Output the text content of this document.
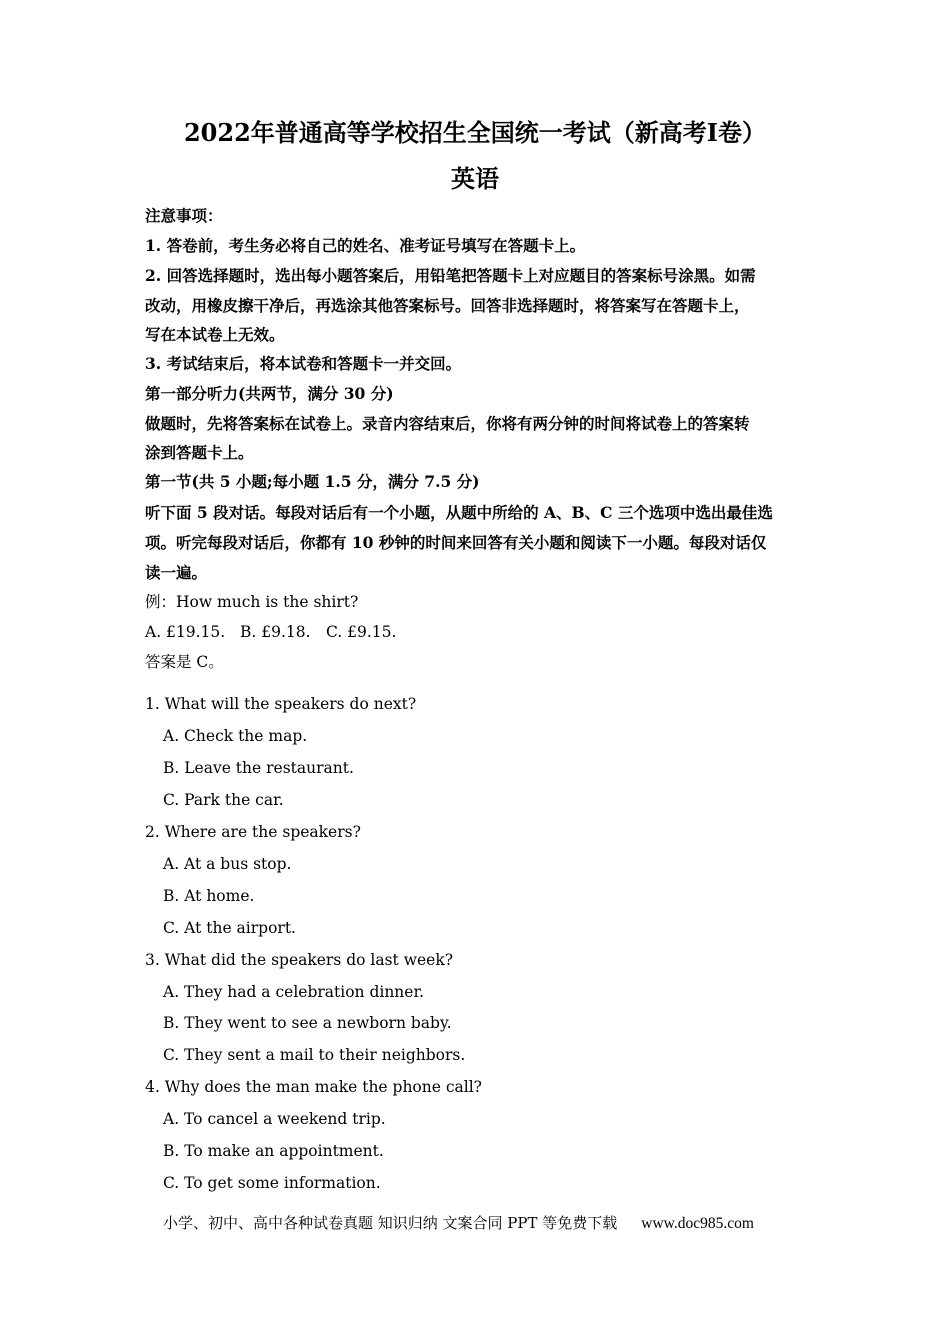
2022年普通高等学校招生全国统一考试（新高考Ⅰ卷）
英语
注意事项：
1. 答卷前，考生务必将自己的姓名、准考证号填写在答题卡上。
2. 回答选择题时，选出每小题答案后，用铅笔把答题卡上对应题目的答案标号涂黑。如需
改动，用橡皮擦干净后，再选涂其他答案标号。回答非选择题时，将答案写在答题卡上，
写在本试卷上无效。
3. 考试结束后，将本试卷和答题卡一并交回。
第一部分听力(共两节，满分 30 分)
做题时，先将答案标在试卷上。录音内容结束后，你将有两分钟的时间将试卷上的答案转
涂到答题卡上。
第一节(共 5 小题;每小题 1.5 分，满分 7.5 分)
听下面 5 段对话。每段对话后有一个小题，从题中所给的 A、B、C 三个选项中选出最佳选
项。听完每段对话后，你都有 10 秒钟的时间来回答有关小题和阅读下一小题。每段对话仅
读一遍。
例：How much is the shirt?
A. £19.15. B. £9.18. C. £9.15.
答案是 C。
1. What will the speakers do next?
A. Check the map.
B. Leave the restaurant.
C. Park the car.
2. Where are the speakers?
A. At a bus stop.
B. At home.
C. At the airport.
3. What did the speakers do last week?
A. They had a celebration dinner.
B. They went to see a newborn baby.
C. They sent a mail to their neighbors.
4. Why does the man make the phone call?
A. To cancel a weekend trip.
B. To make an appointment.
C. To get some information.
小学、初中、高中各种试卷真题 知识归纳 文案合同 PPT 等免费下载 www.doc985.com
